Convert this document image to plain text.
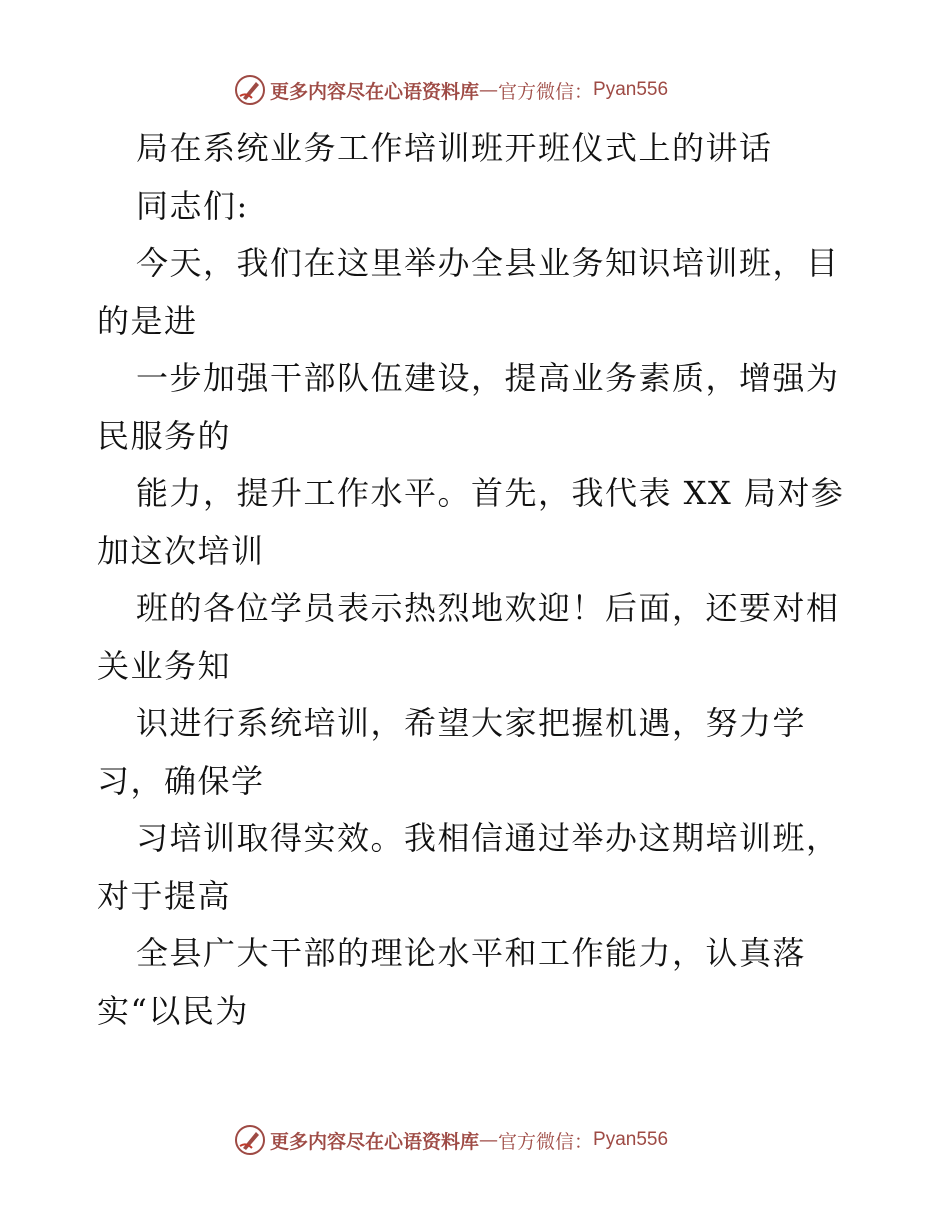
更多内容尽在心语资料库 — 官方微信： Pyan556
局在系统业务工作培训班开班仪式上的讲话
同志们:
今天，我们在这里举办全县业务知识培训班，目
的是进
一步加强干部队伍建设，提高业务素质，增强为
民服务的
能力，提升工作水平。首先，我代表 XX 局对参
加这次培训
班的各位学员表示热烈地欢迎！后面，还要对相
关业务知
识进行系统培训，希望大家把握机遇，努力学
习，确保学
习培训取得实效。我相信通过举办这期培训班，
对于提高
全县广大干部的理论水平和工作能力，认真落
实“以民为
更多内容尽在心语资料库 — 官方微信： Pyan556
